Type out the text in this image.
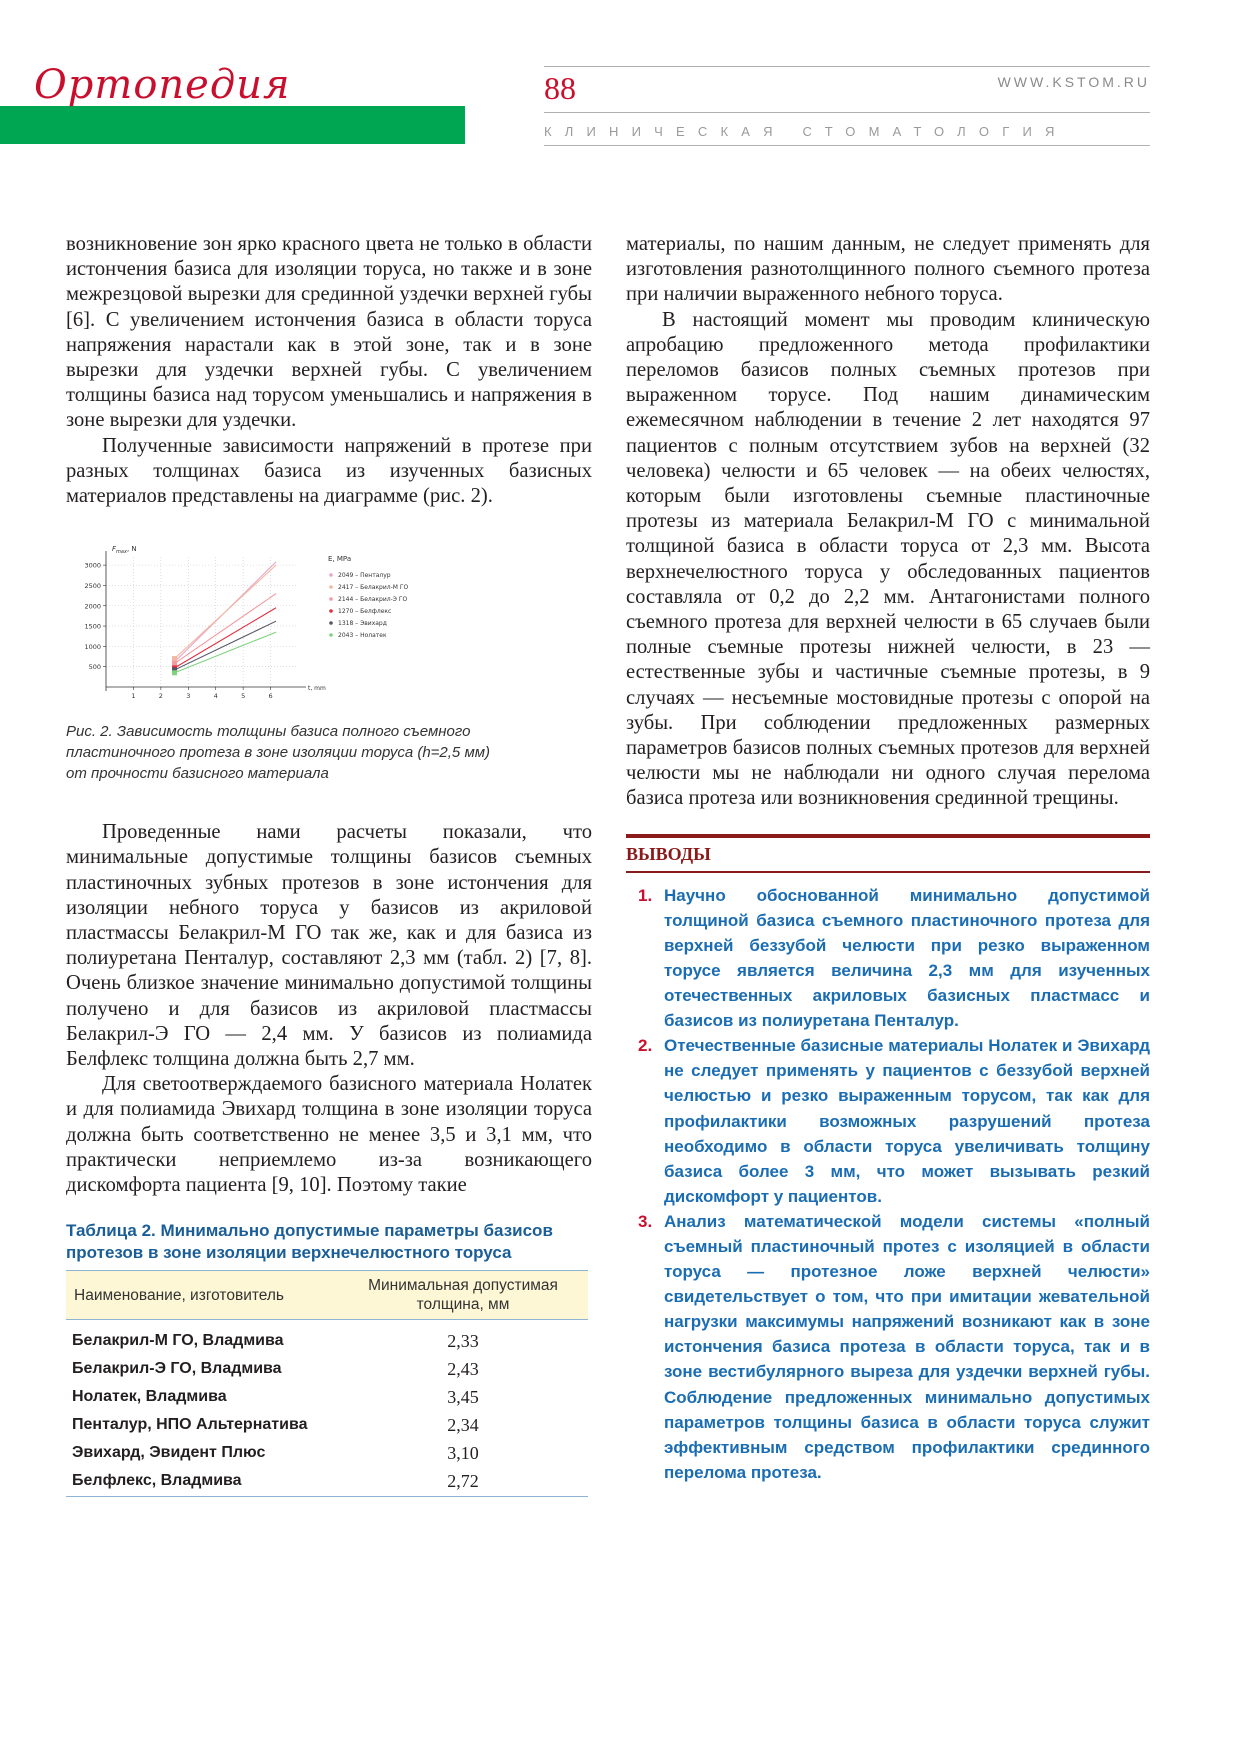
Ортопедия	88	WWW.KSTOM.RU
КЛИНИЧЕСКАЯ СТОМАТОЛОГИЯ

возникновение зон ярко красного цвета не только в области истончения базиса для изоляции торуса, но также и в зоне межрезцовой вырезки для срединной уздечки верхней губы [6]. С увеличением истончения базиса в области торуса напряжения нарастали как в этой зоне, так и в зоне вырезки для уздечки верхней губы. С увеличением толщины базиса над торусом уменьшались и напряжения в зоне вырезки для уздечки.

Полученные зависимости напряжений в протезе при разных толщинах базиса из изученных базисных материалов представлены на диаграмме (рис. 2).

$F_{max}$, N
t, mm
1	2	3	4	5	6
500
1000
1500
2000
2500
3000
E, МPa
2049 – Пенталур
2417 – Белакрил-М ГО
2144 – Белакрил-Э ГО
1270 – Белфлекс
1318 – Эвихард
2043 – Нолатек

Рис. 2. Зависимость толщины базиса полного съемного пластиночного протеза в зоне изоляции торуса (h=2,5 мм) от прочности базисного материала

Проведенные нами расчеты показали, что минимальные допустимые толщины базисов съемных пластиночных зубных протезов в зоне истончения для изоляции небного торуса у базисов из акриловой пластмассы Белакрил-М ГО так же, как и для базиса из полиуретана Пенталур, составляют 2,3 мм (табл. 2) [7, 8]. Очень близкое значение минимально допустимой толщины получено и для базисов из акриловой пластмассы Белакрил-Э ГО — 2,4 мм. У базисов из полиамида Белфлекс толщина должна быть 2,7 мм.

Для светоотверждаемого базисного материала Нолатек и для полиамида Эвихард толщина в зоне изоляции торуса должна быть соответственно не менее 3,5 и 3,1 мм, что практически неприемлемо из-за возникающего дискомфорта пациента [9, 10]. Поэтому такие

Таблица 2. Минимально допустимые параметры базисов протезов в зоне изоляции верхнечелюстного торуса
Наименование, изготовитель	Минимальная допустимая толщина, мм
Белакрил-М ГО, Владмива	2,33
Белакрил-Э ГО, Владмива	2,43
Нолатек, Владмива	3,45
Пенталур, НПО Альтернатива	2,34
Эвихард, Эвидент Плюс	3,10
Белфлекс, Владмива	2,72

материалы, по нашим данным, не следует применять для изготовления разнотолщинного полного съемного протеза при наличии выраженного небного торуса.

В настоящий момент мы проводим клиническую апробацию предложенного метода профилактики переломов базисов полных съемных протезов при выраженном торусе. Под нашим динамическим ежемесячном наблюдении в течение 2 лет находятся 97 пациентов с полным отсутствием зубов на верхней (32 человека) челюсти и 65 человек — на обеих челюстях, которым были изготовлены съемные пластиночные протезы из материала Белакрил-М ГО с минимальной толщиной базиса в области торуса от 2,3 мм. Высота верхнечелюстного торуса у обследованных пациентов составляла от 0,2 до 2,2 мм. Антагонистами полного съемного протеза для верхней челюсти в 65 случаев были полные съемные протезы нижней челюсти, в 23 — естественные зубы и частичные съемные протезы, в 9 случаях — несъемные мостовидные протезы с опорой на зубы. При соблюдении предложенных размерных параметров базисов полных съемных протезов для верхней челюсти мы не наблюдали ни одного случая перелома базиса протеза или возникновения срединной трещины.

ВЫВОДЫ
1. Научно обоснованной минимально допустимой толщиной базиса съемного пластиночного протеза для верхней беззубой челюсти при резко выраженном торусе является величина 2,3 мм для изученных отечественных акриловых базисных пластмасс и базисов из полиуретана Пенталур.
2. Отечественные базисные материалы Нолатек и Эвихард не следует применять у пациентов с беззубой верхней челюстью и резко выраженным торусом, так как для профилактики возможных разрушений протеза необходимо в области торуса увеличивать толщину базиса более 3 мм, что может вызывать резкий дискомфорт у пациентов.
3. Анализ математической модели системы «полный съемный пластиночный протез с изоляцией в области торуса — протезное ложе верхней челюсти» свидетельствует о том, что при имитации жевательной нагрузки максимумы напряжений возникают как в зоне истончения базиса протеза в области торуса, так и в зоне вестибулярного выреза для уздечки верхней губы. Соблюдение предложенных минимально допустимых параметров толщины базиса в области торуса служит эффективным средством профилактики срединного перелома протеза.
